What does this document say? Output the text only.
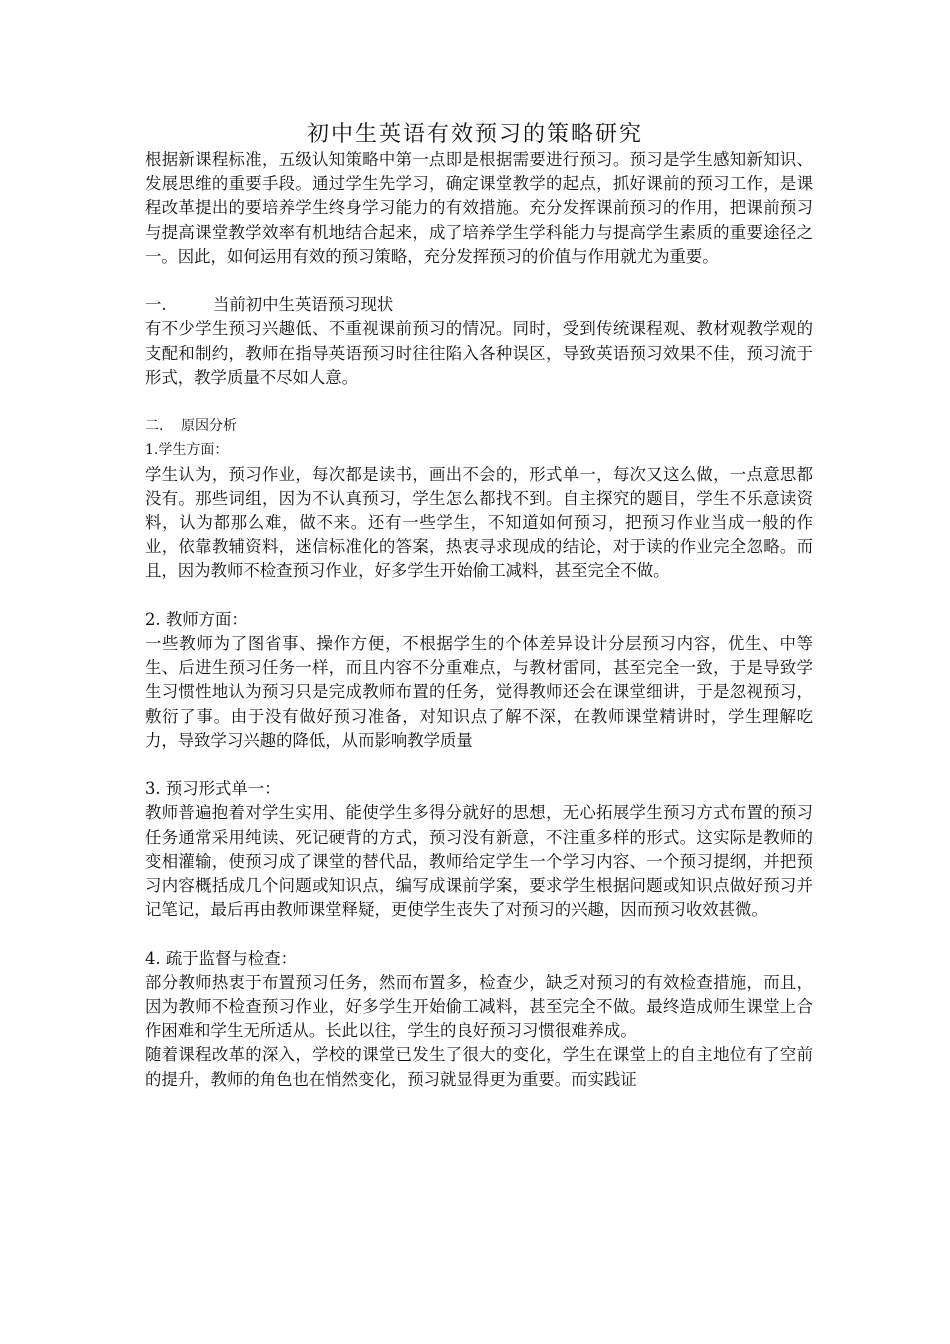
初中生英语有效预习的策略研究

根据新课程标准，五级认知策略中第一点即是根据需要进行预习。预习是学生感知新知识、发展思维的重要手段。通过学生先学习，确定课堂教学的起点，抓好课前的预习工作，是课程改革提出的要培养学生终身学习能力的有效措施。充分发挥课前预习的作用，把课前预习与提高课堂教学效率有机地结合起来，成了培养学生学科能力与提高学生素质的重要途径之一。因此，如何运用有效的预习策略，充分发挥预习的价值与作用就尤为重要。

一.	当前初中生英语预习现状

有不少学生预习兴趣低、不重视课前预习的情况。同时，受到传统课程观、教材观教学观的支配和制约，教师在指导英语预习时往往陷入各种误区，导致英语预习效果不佳，预习流于形式，教学质量不尽如人意。

二. 原因分析
1.学生方面：

学生认为，预习作业，每次都是读书，画出不会的，形式单一，每次又这么做，一点意思都没有。那些词组，因为不认真预习，学生怎么都找不到。自主探究的题目，学生不乐意读资料，认为都那么难，做不来。还有一些学生，不知道如何预习，把预习作业当成一般的作业，依靠教辅资料，迷信标准化的答案，热衷寻求现成的结论，对于读的作业完全忽略。而且，因为教师不检查预习作业，好多学生开始偷工减料，甚至完全不做。

2. 教师方面：

一些教师为了图省事、操作方便，不根据学生的个体差异设计分层预习内容，优生、中等生、后进生预习任务一样，而且内容不分重难点，与教材雷同，甚至完全一致，于是导致学生习惯性地认为预习只是完成教师布置的任务，觉得教师还会在课堂细讲，于是忽视预习，敷衍了事。由于没有做好预习准备，对知识点了解不深，在教师课堂精讲时，学生理解吃力，导致学习兴趣的降低，从而影响教学质量

3. 预习形式单一：

教师普遍抱着对学生实用、能使学生多得分就好的思想，无心拓展学生预习方式布置的预习任务通常采用纯读、死记硬背的方式，预习没有新意，不注重多样的形式。这实际是教师的变相灌输，使预习成了课堂的替代品，教师给定学生一个学习内容、一个预习提纲，并把预习内容概括成几个问题或知识点，编写成课前学案，要求学生根据问题或知识点做好预习并记笔记，最后再由教师课堂释疑，更使学生丧失了对预习的兴趣，因而预习收效甚微。

4. 疏于监督与检查：

部分教师热衷于布置预习任务，然而布置多，检查少，缺乏对预习的有效检查措施，而且，因为教师不检查预习作业，好多学生开始偷工减料，甚至完全不做。最终造成师生课堂上合作困难和学生无所适从。长此以往，学生的良好预习习惯很难养成。

随着课程改革的深入，学校的课堂已发生了很大的变化，学生在课堂上的自主地位有了空前的提升，教师的角色也在悄然变化，预习就显得更为重要。而实践证
